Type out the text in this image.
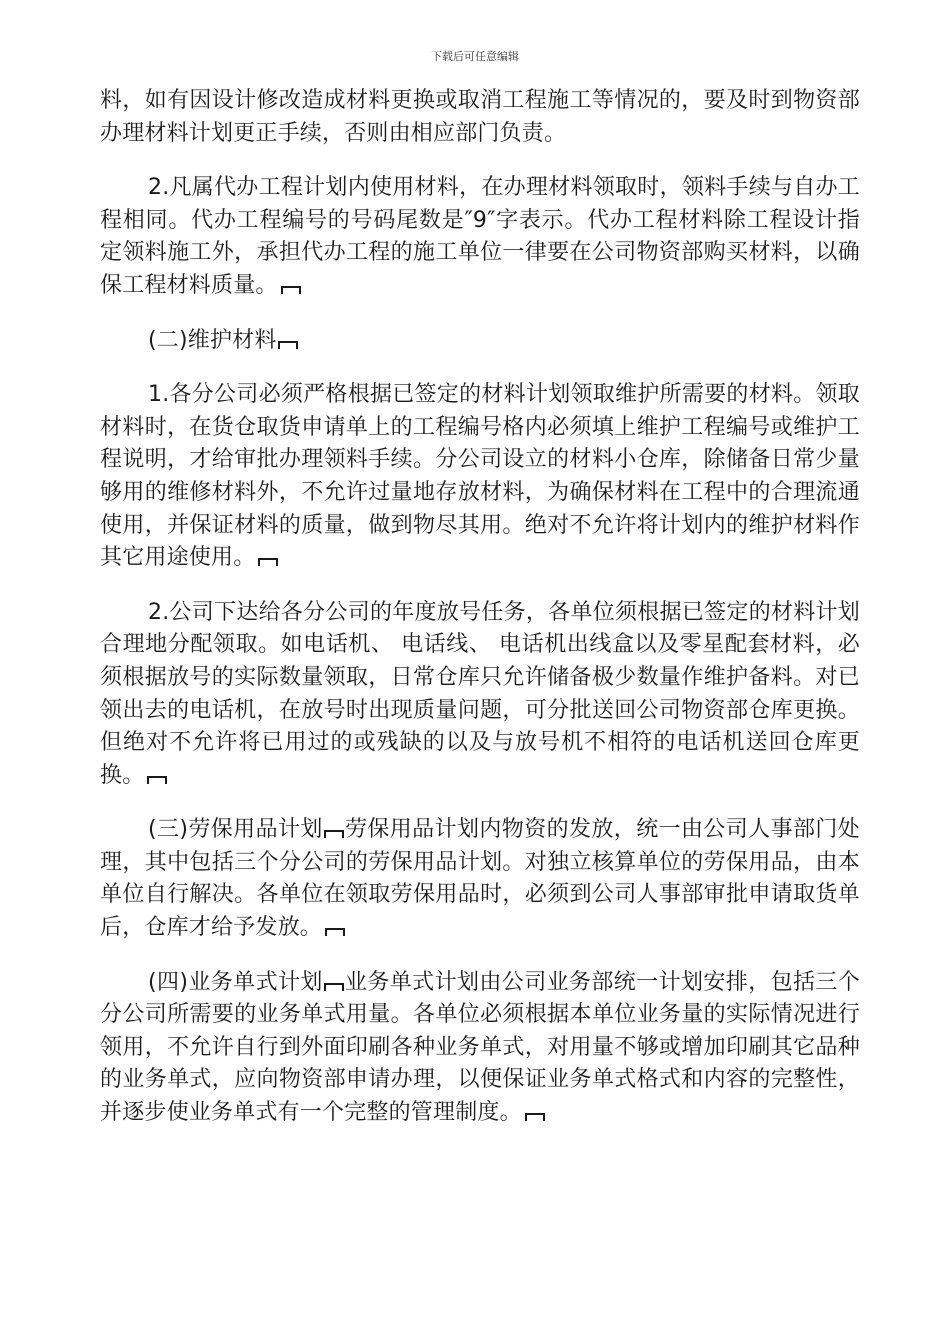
下载后可任意编辑

料，如有因设计修改造成材料更换或取消工程施工等情况的，要及时到物资部办理材料计划更正手续，否则由相应部门负责。

2.凡属代办工程计划内使用材料，在办理材料领取时，领料手续与自办工程相同。代办工程编号的号码尾数是″9″字表示。代办工程材料除工程设计指定领料施工外，承担代办工程的施工单位一律要在公司物资部购买材料，以确保工程材料质量。

(二)维护材料

1.各分公司必须严格根据已签定的材料计划领取维护所需要的材料。领取材料时，在货仓取货申请单上的工程编号格内必须填上维护工程编号或维护工程说明，才给审批办理领料手续。分公司设立的材料小仓库，除储备日常少量够用的维修材料外，不允许过量地存放材料，为确保材料在工程中的合理流通使用，并保证材料的质量，做到物尽其用。绝对不允许将计划内的维护材料作其它用途使用。

2.公司下达给各分公司的年度放号任务，各单位须根据已签定的材料计划合理地分配领取。如电话机、 电话线、 电话机出线盒以及零星配套材料，必须根据放号的实际数量领取，日常仓库只允许储备极少数量作维护备料。对已领出去的电话机，在放号时出现质量问题，可分批送回公司物资部仓库更换。但绝对不允许将已用过的或残缺的以及与放号机不相符的电话机送回仓库更换。

(三)劳保用品计划 劳保用品计划内物资的发放，统一由公司人事部门处理，其中包括三个分公司的劳保用品计划。对独立核算单位的劳保用品，由本单位自行解决。各单位在领取劳保用品时，必须到公司人事部审批申请取货单后，仓库才给予发放。

(四)业务单式计划 业务单式计划由公司业务部统一计划安排，包括三个分公司所需要的业务单式用量。各单位必须根据本单位业务量的实际情况进行领用，不允许自行到外面印刷各种业务单式，对用量不够或增加印刷其它品种的业务单式，应向物资部申请办理，以便保证业务单式格式和内容的完整性，并逐步使业务单式有一个完整的管理制度。
